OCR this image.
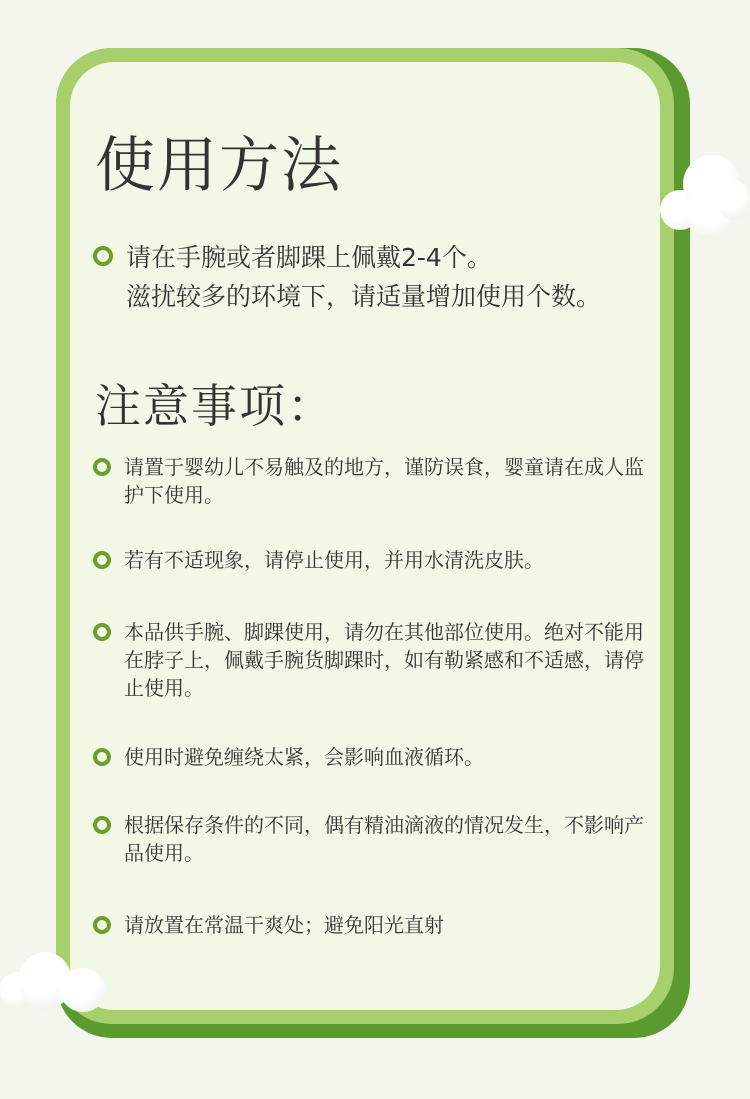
使用方法
请在手腕或者脚踝上佩戴2-4个。
滋扰较多的环境下，请适量增加使用个数。
注意事项：
请置于婴幼儿不易触及的地方，谨防误食，婴童请在成人监护下使用。
若有不适现象，请停止使用，并用水清洗皮肤。
本品供手腕、脚踝使用，请勿在其他部位使用。绝对不能用在脖子上，佩戴手腕货脚踝时，如有勒紧感和不适感，请停止使用。
使用时避免缠绕太紧，会影响血液循环。
根据保存条件的不同，偶有精油滴液的情况发生，不影响产品使用。
请放置在常温干爽处；避免阳光直射
